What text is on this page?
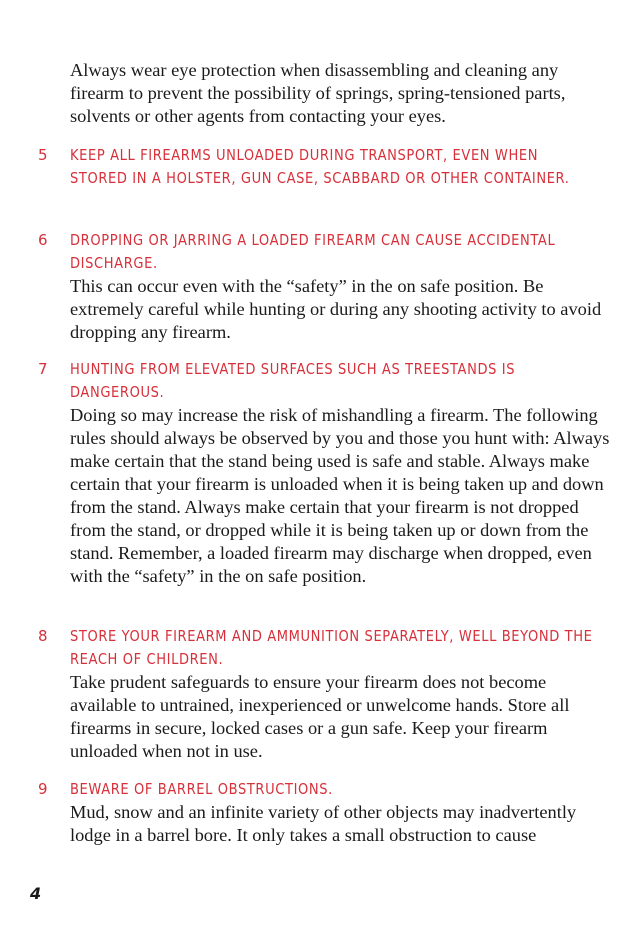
Always wear eye protection when disassembling and cleaning any firearm to prevent the possibility of springs, spring-tensioned parts, solvents or other agents from contacting your eyes.

5 KEEP ALL FIREARMS UNLOADED DURING TRANSPORT, EVEN WHEN STORED IN A HOLSTER, GUN CASE, SCABBARD OR OTHER CONTAINER.
6 DROPPING OR JARRING A LOADED FIREARM CAN CAUSE ACCIDENTAL DISCHARGE.

This can occur even with the “safety” in the on safe position. Be extremely careful while hunting or during any shooting activity to avoid dropping any firearm.

7 HUNTING FROM ELEVATED SURFACES SUCH AS TREESTANDS IS DANGEROUS.

Doing so may increase the risk of mishandling a firearm. The following rules should always be observed by you and those you hunt with: Always make certain that the stand being used is safe and stable. Always make certain that your firearm is unloaded when it is being taken up and down from the stand. Always make certain that your firearm is not dropped from the stand, or dropped while it is being taken up or down from the stand. Remember, a loaded firearm may discharge when dropped, even with the “safety” in the on safe position.

8 STORE YOUR FIREARM AND AMMUNITION SEPARATELY, WELL BEYOND THE REACH OF CHILDREN.

Take prudent safeguards to ensure your firearm does not become available to untrained, inexperienced or unwelcome hands. Store all firearms in secure, locked cases or a gun safe. Keep your firearm unloaded when not in use.

9 BEWARE OF BARREL OBSTRUCTIONS.

Mud, snow and an infinite variety of other objects may inadvertently lodge in a barrel bore. It only takes a small obstruction to cause

4
